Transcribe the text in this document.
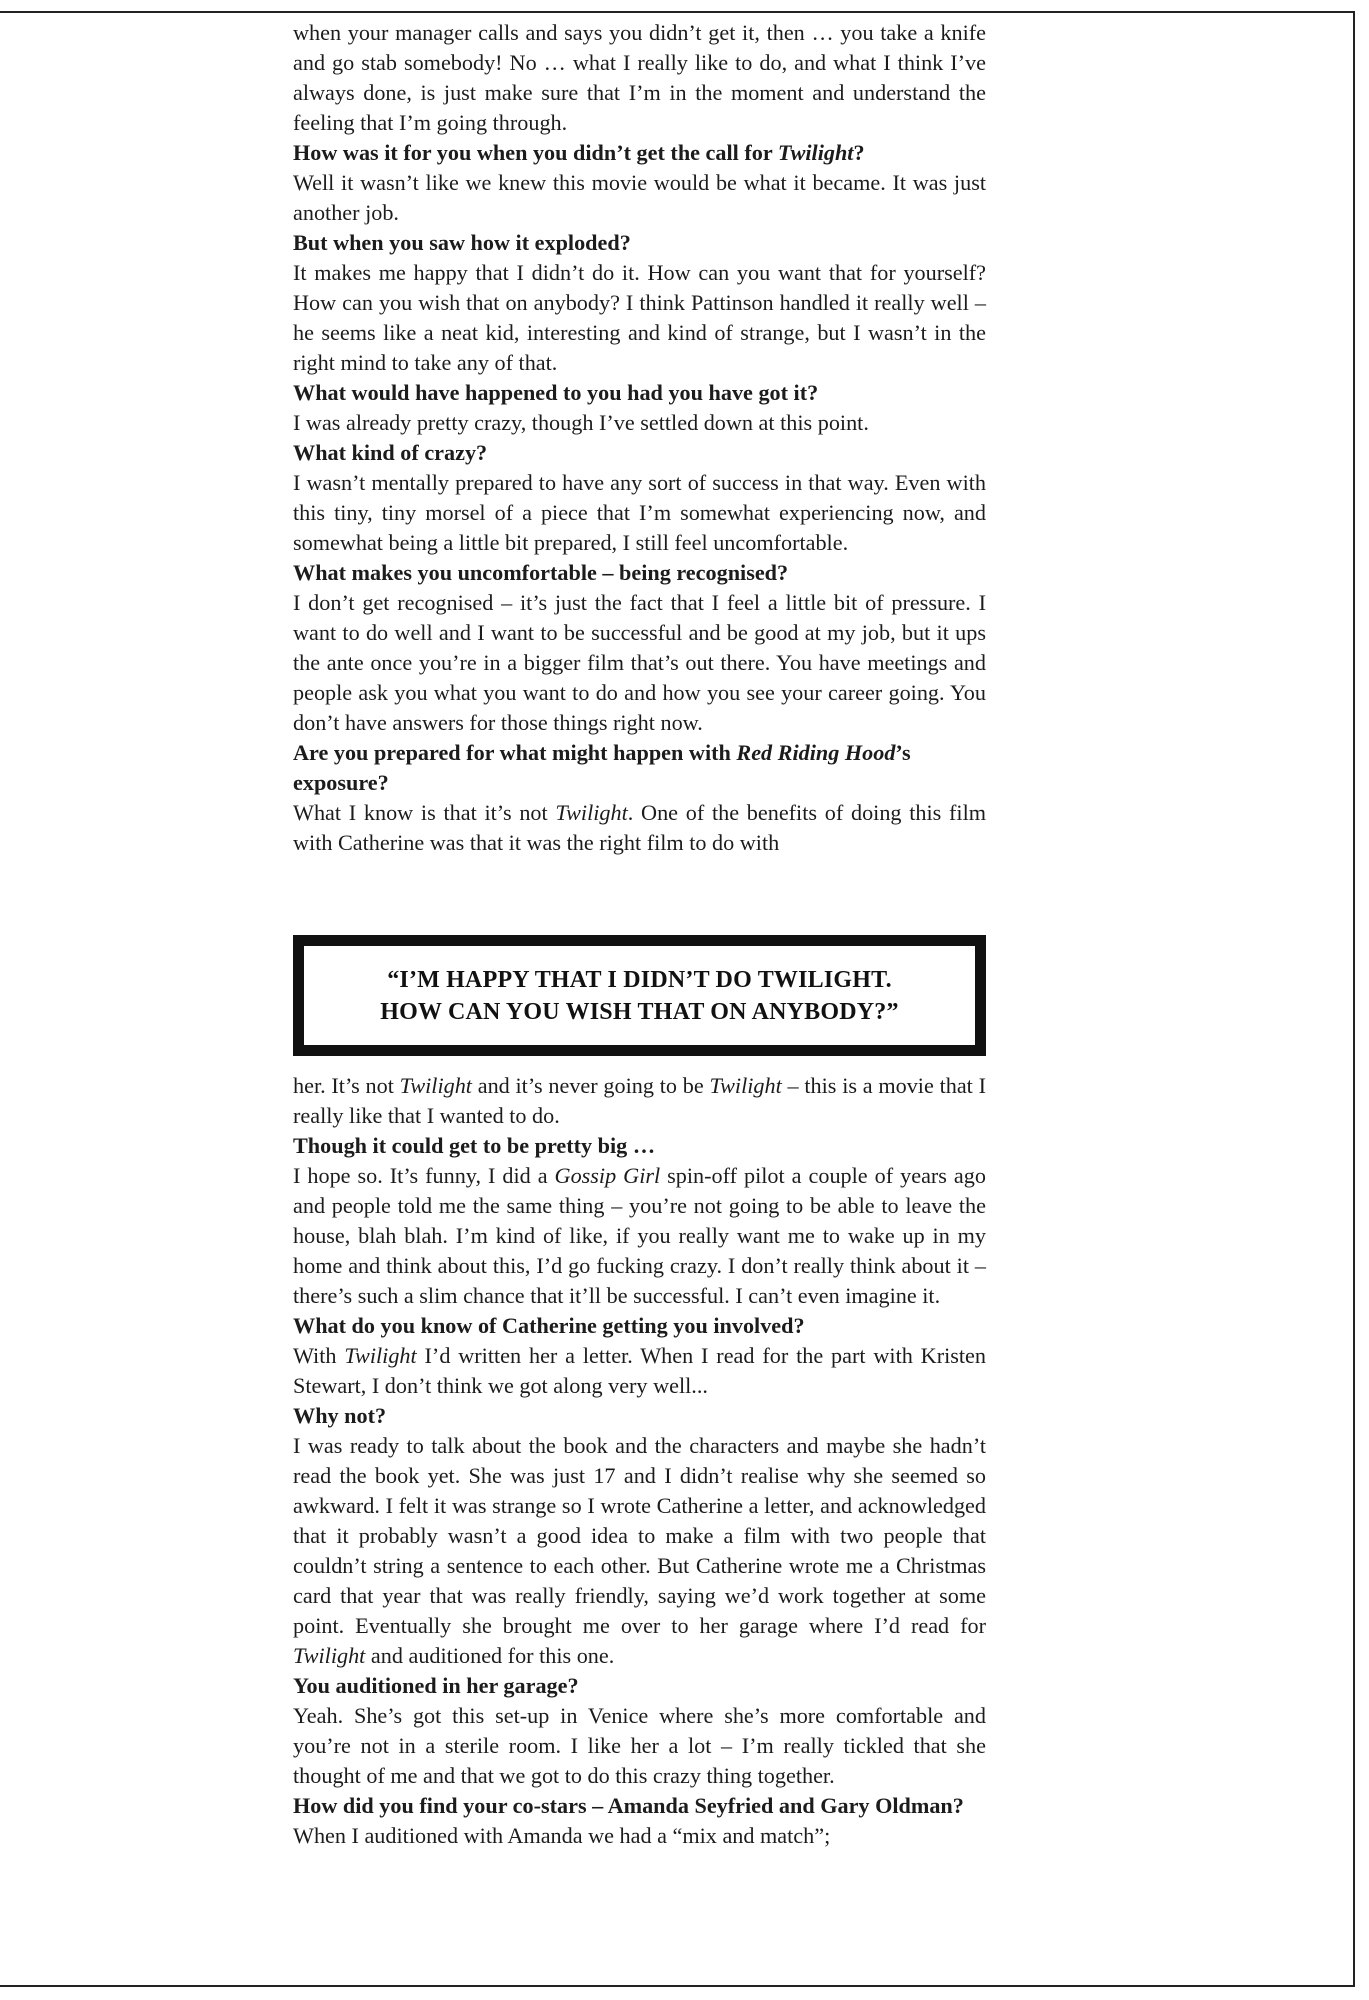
when your manager calls and says you didn’t get it, then … you take a knife and go stab somebody! No … what I really like to do, and what I think I’ve always done, is just make sure that I’m in the moment and understand the feeling that I’m going through.

How was it for you when you didn’t get the call for Twilight?

Well it wasn’t like we knew this movie would be what it became. It was just another job.

But when you saw how it exploded?

It makes me happy that I didn’t do it. How can you want that for yourself? How can you wish that on anybody? I think Pattinson handled it really well – he seems like a neat kid, interesting and kind of strange, but I wasn’t in the right mind to take any of that.

What would have happened to you had you have got it?

I was already pretty crazy, though I’ve settled down at this point.

What kind of crazy?

I wasn’t mentally prepared to have any sort of success in that way. Even with this tiny, tiny morsel of a piece that I’m somewhat experiencing now, and somewhat being a little bit prepared, I still feel uncomfortable.

What makes you uncomfortable – being recognised?

I don’t get recognised – it’s just the fact that I feel a little bit of pressure. I want to do well and I want to be successful and be good at my job, but it ups the ante once you’re in a bigger film that’s out there. You have meetings and people ask you what you want to do and how you see your career going. You don’t have answers for those things right now.

Are you prepared for what might happen with Red Riding Hood’s exposure?

What I know is that it’s not Twilight. One of the benefits of doing this film with Catherine was that it was the right film to do with

“I’M HAPPY THAT I DIDN’T DO TWILIGHT.
HOW CAN YOU WISH THAT ON ANYBODY?”

her. It’s not Twilight and it’s never going to be Twilight – this is a movie that I really like that I wanted to do.

Though it could get to be pretty big …

I hope so. It’s funny, I did a Gossip Girl spin-off pilot a couple of years ago and people told me the same thing – you’re not going to be able to leave the house, blah blah. I’m kind of like, if you really want me to wake up in my home and think about this, I’d go fucking crazy. I don’t really think about it – there’s such a slim chance that it’ll be successful. I can’t even imagine it.

What do you know of Catherine getting you involved?

With Twilight I’d written her a letter. When I read for the part with Kristen Stewart, I don’t think we got along very well...

Why not?

I was ready to talk about the book and the characters and maybe she hadn’t read the book yet. She was just 17 and I didn’t realise why she seemed so awkward. I felt it was strange so I wrote Catherine a letter, and acknowledged that it probably wasn’t a good idea to make a film with two people that couldn’t string a sentence to each other. But Catherine wrote me a Christmas card that year that was really friendly, saying we’d work together at some point. Eventually she brought me over to her garage where I’d read for Twilight and auditioned for this one.

You auditioned in her garage?

Yeah. She’s got this set-up in Venice where she’s more comfortable and you’re not in a sterile room. I like her a lot – I’m really tickled that she thought of me and that we got to do this crazy thing together.

How did you find your co-stars – Amanda Seyfried and Gary Oldman?

When I auditioned with Amanda we had a “mix and match”;
